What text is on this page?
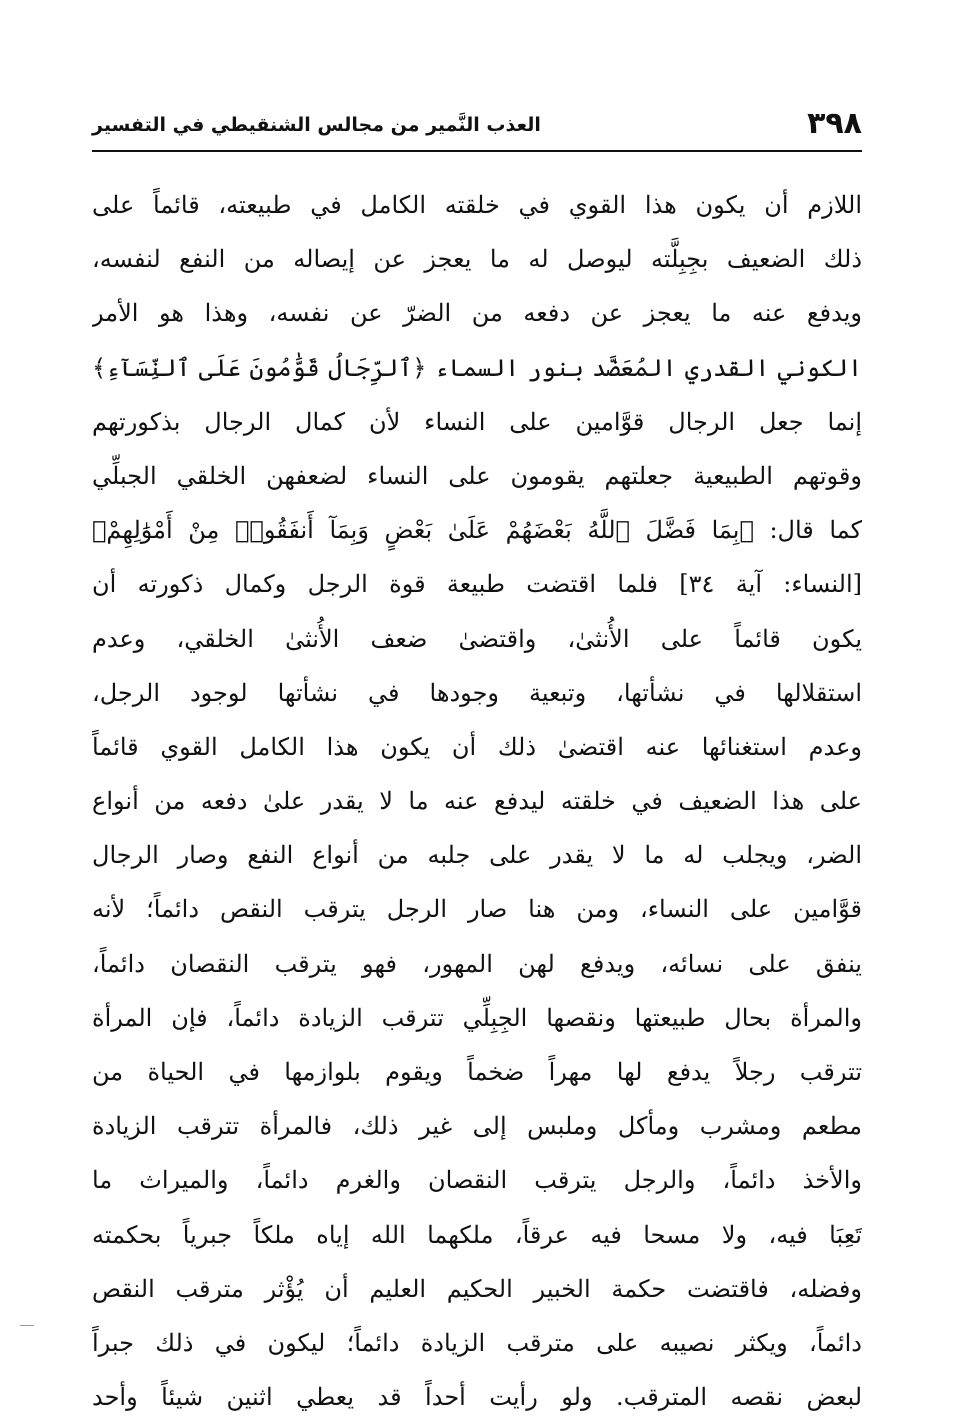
٣٩٨
العذب النَّمير من مجالس الشنقيطي في التفسير
اللازم أن يكون هذا القوي في خلقته الكامل في طبيعته، قائماً على
ذلك الضعيف بجِبِلَّته ليوصل له ما يعجز عن إيصاله من النفع لنفسه،
ويدفع عنه ما يعجز عن دفعه من الضرّ عن نفسه، وهذا هو الأمر
الكوني القدري المُعَضَّد بنور السماء ﴿ٱلرِّجَالُ قَوَّٰمُونَ عَلَى ٱلنِّسَآءِ﴾
إنما جعل الرجال قوَّامين على النساء لأن كمال الرجال بذكورتهم
وقوتهم الطبيعية جعلتهم يقومون على النساء لضعفهن الخلقي الجبلِّي
كما قال: ﴿بِمَا فَضَّلَ ٱللَّهُ بَعْضَهُمْ عَلَىٰ بَعْضٍ وَبِمَآ أَنفَقُوا۟ مِنْ أَمْوَٰلِهِمْ﴾
[النساء: آية ٣٤] فلما اقتضت طبيعة قوة الرجل وكمال ذكورته أن
يكون قائماً على الأُنثىٰ، واقتضىٰ ضعف الأُنثىٰ الخلقي، وعدم
استقلالها في نشأتها، وتبعية وجودها في نشأتها لوجود الرجل،
وعدم استغنائها عنه اقتضىٰ ذلك أن يكون هذا الكامل القوي قائماً
على هذا الضعيف في خلقته ليدفع عنه ما لا يقدر علىٰ دفعه من أنواع
الضر، ويجلب له ما لا يقدر على جلبه من أنواع النفع وصار الرجال
قوَّامين على النساء، ومن هنا صار الرجل يترقب النقص دائماً؛ لأنه
ينفق على نسائه، ويدفع لهن المهور، فهو يترقب النقصان دائماً،
والمرأة بحال طبيعتها ونقصها الجِبِلِّي تترقب الزيادة دائماً، فإن المرأة
تترقب رجلاً يدفع لها مهراً ضخماً ويقوم بلوازمها في الحياة من
مطعم ومشرب ومأكل وملبس إلى غير ذلك، فالمرأة تترقب الزيادة
والأخذ دائماً، والرجل يترقب النقصان والغرم دائماً، والميراث ما
تَعِبَا فيه، ولا مسحا فيه عرقاً، ملكهما الله إياه ملكاً جبرياً بحكمته
وفضله، فاقتضت حكمة الخبير الحكيم العليم أن يُؤْثر مترقب النقص
دائماً، ويكثر نصيبه على مترقب الزيادة دائماً؛ ليكون في ذلك جبراً
لبعض نقصه المترقب. ولو رأيت أحداً قد يعطي اثنين شيئاً وأحد
